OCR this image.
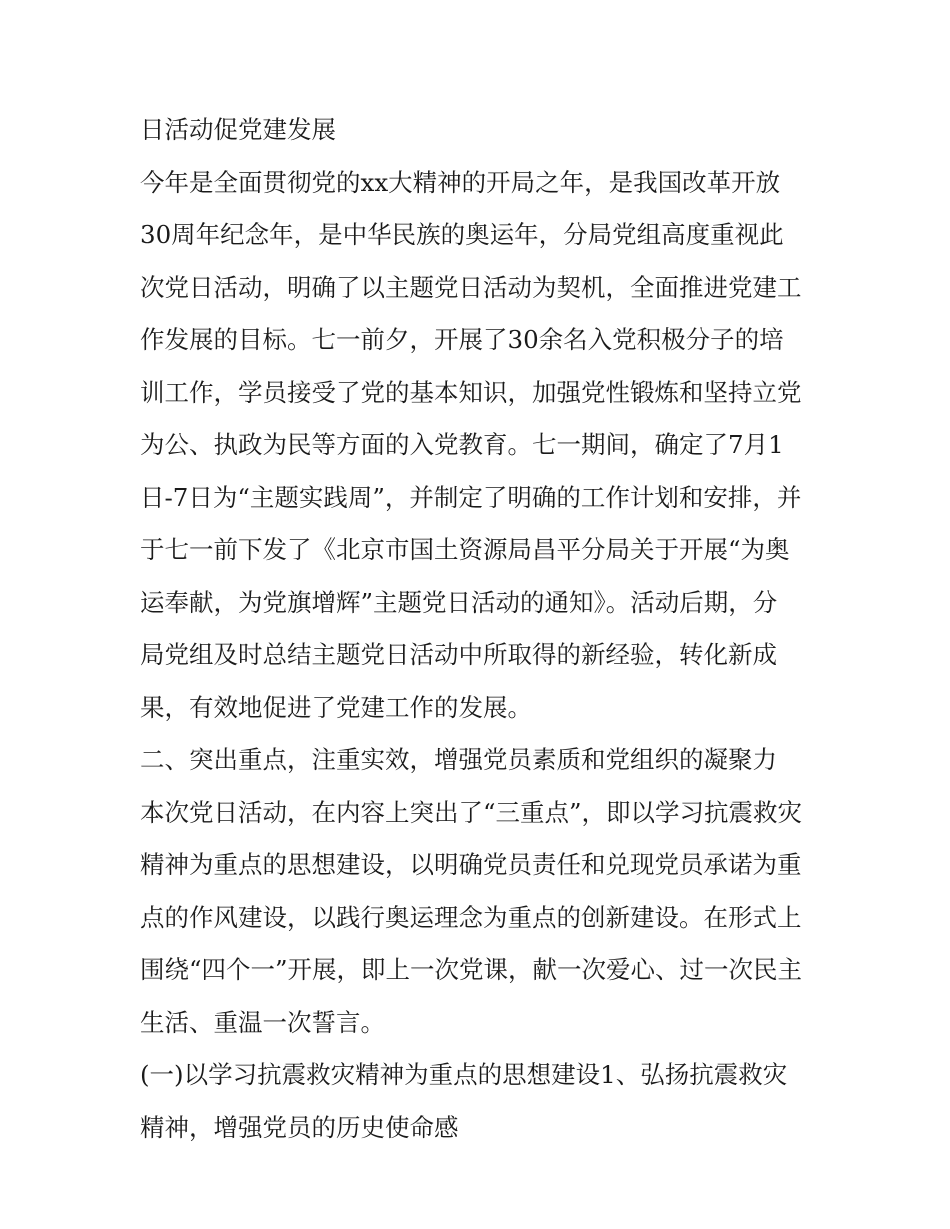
日活动促党建发展
今年是全面贯彻党的xx大精神的开局之年，是我国改革开放
30周年纪念年，是中华民族的奥运年，分局党组高度重视此
次党日活动，明确了以主题党日活动为契机，全面推进党建工
作发展的目标。七一前夕，开展了30余名入党积极分子的培
训工作，学员接受了党的基本知识，加强党性锻炼和坚持立党
为公、执政为民等方面的入党教育。七一期间，确定了7月1
日-7日为“主题实践周”，并制定了明确的工作计划和安排，并
于七一前下发了《北京市国土资源局昌平分局关于开展“为奥
运奉献，为党旗增辉”主题党日活动的通知》。活动后期，分
局党组及时总结主题党日活动中所取得的新经验，转化新成
果，有效地促进了党建工作的发展。
二、突出重点，注重实效，增强党员素质和党组织的凝聚力
本次党日活动，在内容上突出了“三重点”，即以学习抗震救灾
精神为重点的思想建设，以明确党员责任和兑现党员承诺为重
点的作风建设，以践行奥运理念为重点的创新建设。在形式上
围绕“四个一”开展，即上一次党课，献一次爱心、过一次民主
生活、重温一次誓言。
(一)以学习抗震救灾精神为重点的思想建设1、弘扬抗震救灾
精神，增强党员的历史使命感
